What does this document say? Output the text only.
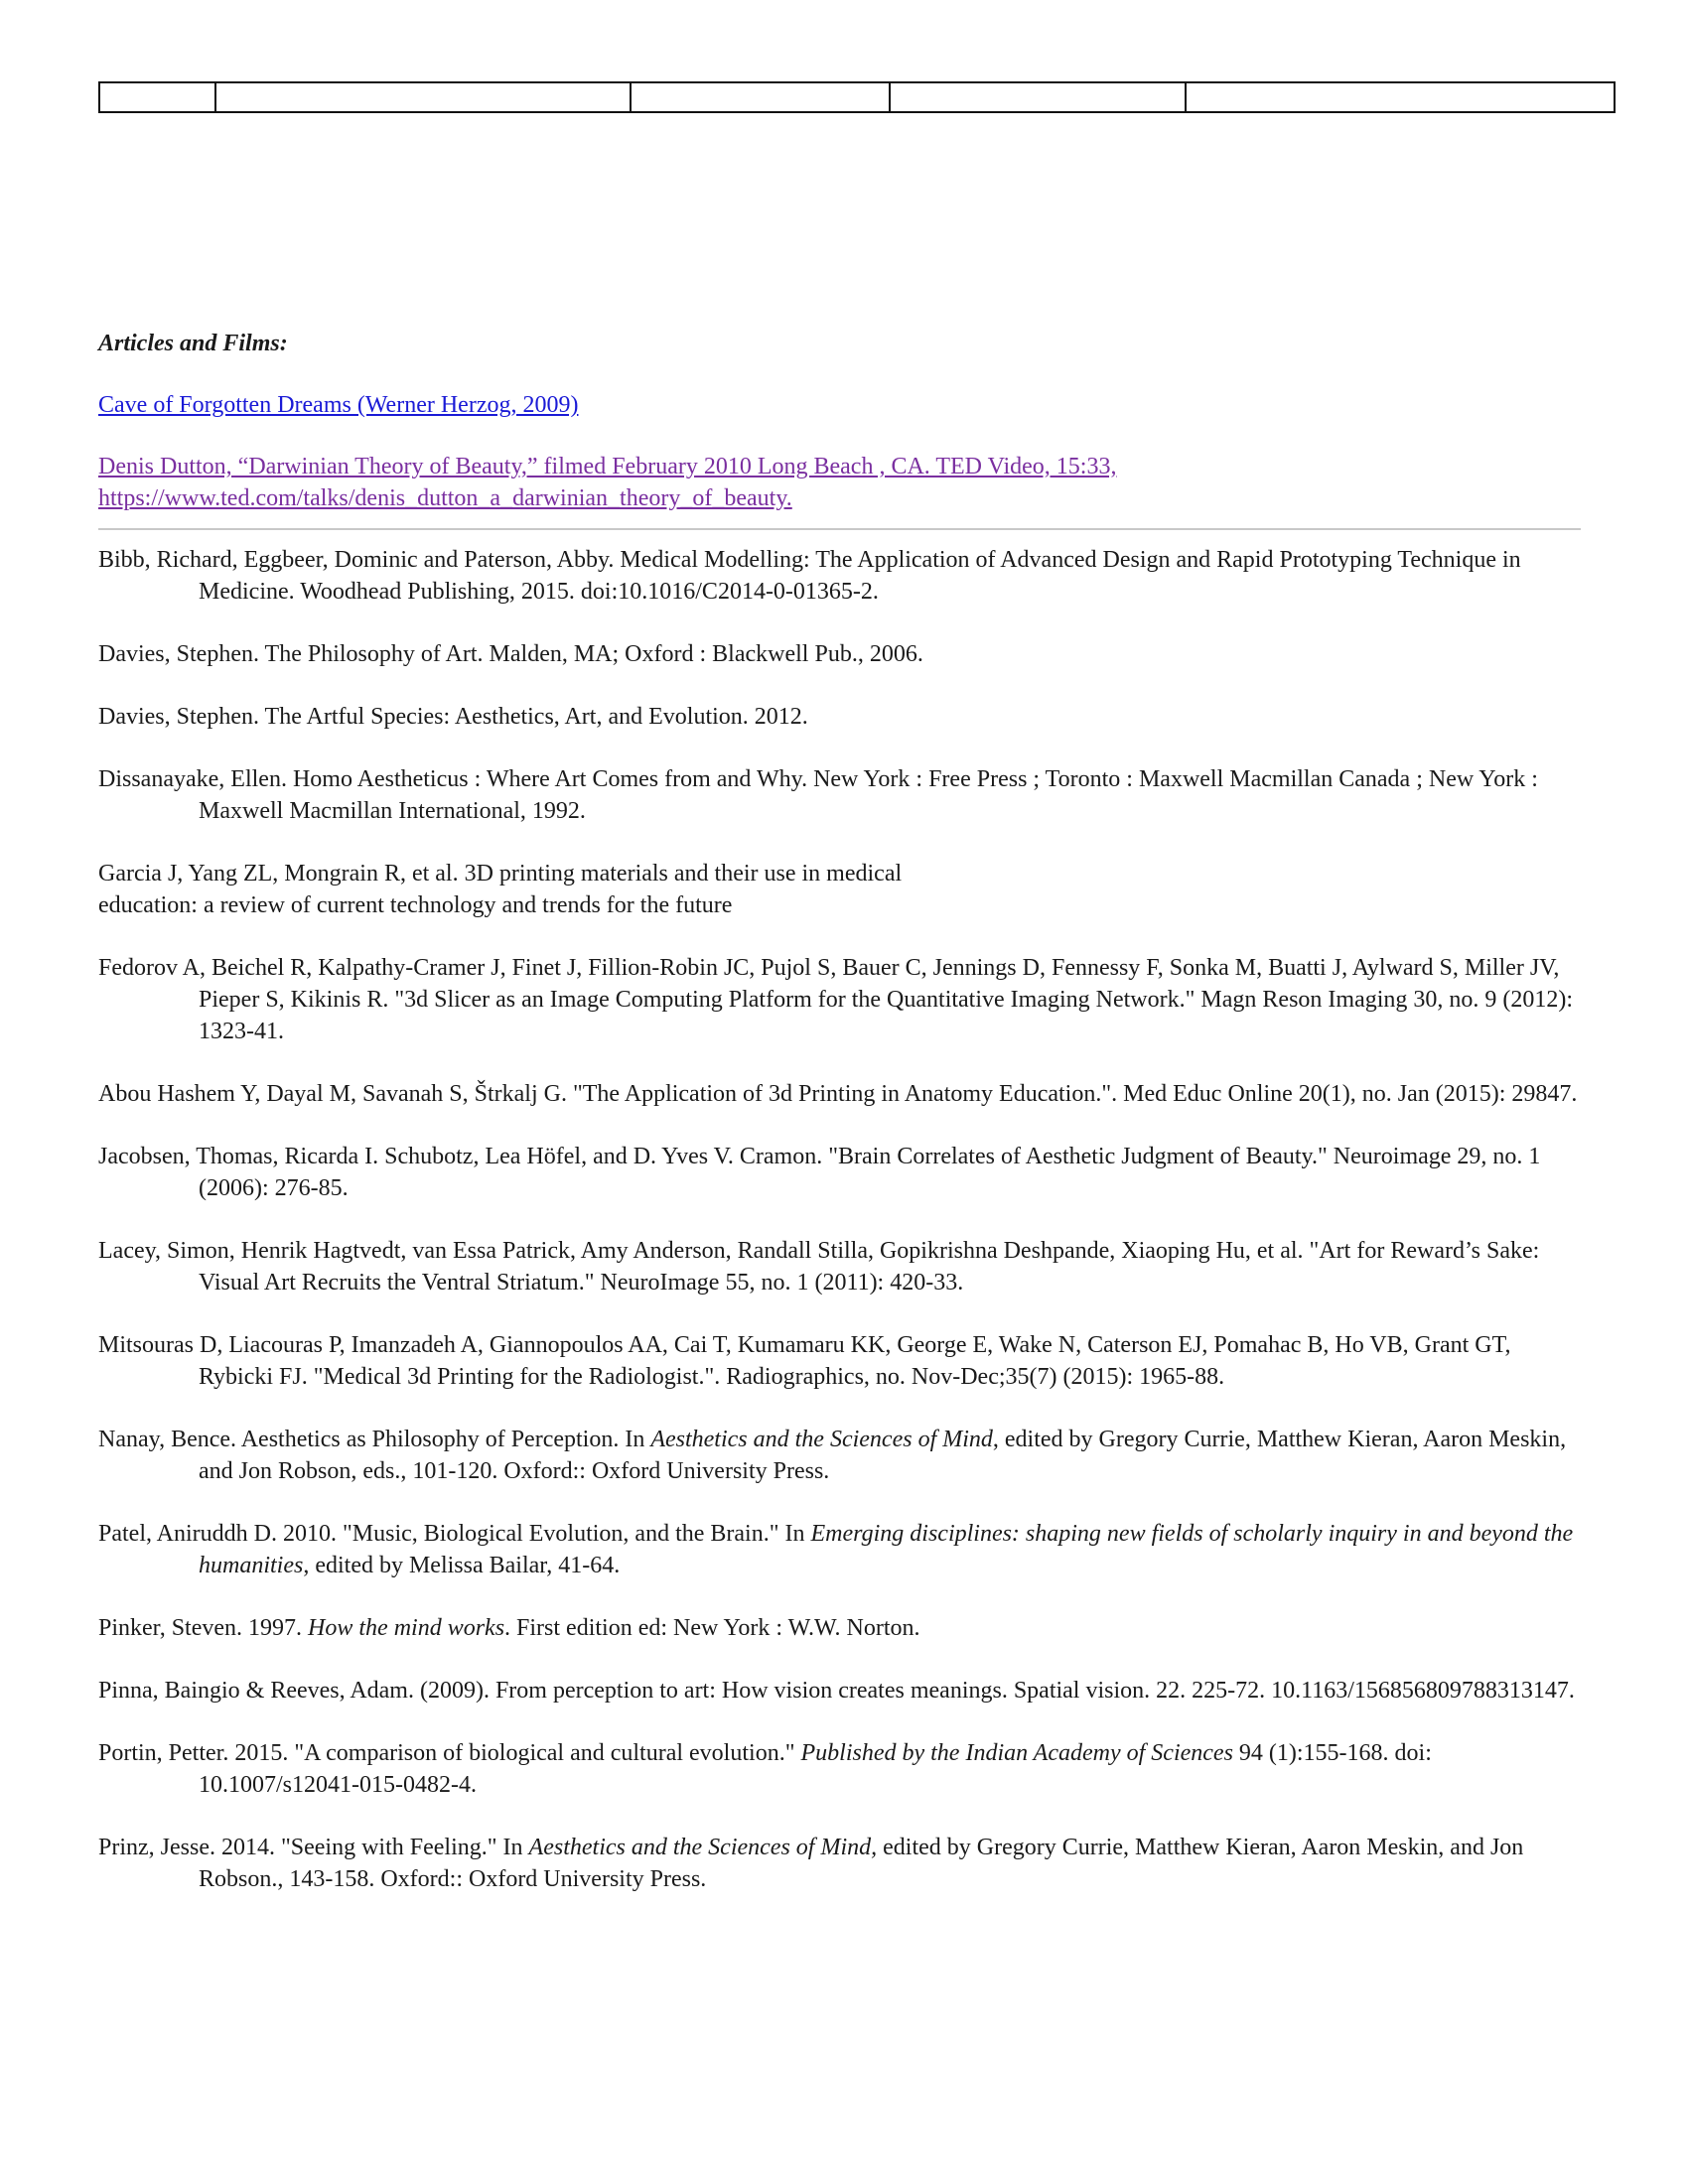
Articles and Films:
Cave of Forgotten Dreams (Werner Herzog, 2009)
Denis Dutton, “Darwinian Theory of Beauty,” filmed February 2010 Long Beach , CA. TED Video, 15:33,
https://www.ted.com/talks/denis_dutton_a_darwinian_theory_of_beauty.
Bibb, Richard, Eggbeer, Dominic and Paterson, Abby. Medical Modelling: The Application of Advanced Design and Rapid Prototyping Technique in Medicine. Woodhead Publishing, 2015. doi:10.1016/C2014-0-01365-2.
Davies, Stephen. The Philosophy of Art. Malden, MA; Oxford : Blackwell Pub., 2006.
Davies, Stephen. The Artful Species: Aesthetics, Art, and Evolution. 2012.
Dissanayake, Ellen. Homo Aestheticus : Where Art Comes from and Why. New York : Free Press ; Toronto : Maxwell Macmillan Canada ; New York : Maxwell Macmillan International, 1992.
Garcia J, Yang ZL, Mongrain R, et al. 3D printing materials and their use in medical
education: a review of current technology and trends for the future
Fedorov A, Beichel R, Kalpathy-Cramer J, Finet J, Fillion-Robin JC, Pujol S, Bauer C, Jennings D, Fennessy F, Sonka M, Buatti J, Aylward S, Miller JV, Pieper S, Kikinis R. "3d Slicer as an Image Computing Platform for the Quantitative Imaging Network." Magn Reson Imaging 30, no. 9 (2012): 1323-41.
Abou Hashem Y, Dayal M, Savanah S, Štrkalj G. "The Application of 3d Printing in Anatomy Education.". Med Educ Online 20(1), no. Jan (2015): 29847.
Jacobsen, Thomas, Ricarda I. Schubotz, Lea Höfel, and D. Yves V. Cramon. "Brain Correlates of Aesthetic Judgment of Beauty." Neuroimage 29, no. 1 (2006): 276-85.
Lacey, Simon, Henrik Hagtvedt, van Essa Patrick, Amy Anderson, Randall Stilla, Gopikrishna Deshpande, Xiaoping Hu, et al. "Art for Reward’s Sake: Visual Art Recruits the Ventral Striatum." NeuroImage 55, no. 1 (2011): 420-33.
Mitsouras D, Liacouras P, Imanzadeh A, Giannopoulos AA, Cai T, Kumamaru KK, George E, Wake N, Caterson EJ, Pomahac B, Ho VB, Grant GT, Rybicki FJ. "Medical 3d Printing for the Radiologist.". Radiographics, no. Nov-Dec;35(7) (2015): 1965-88.
Nanay, Bence. Aesthetics as Philosophy of Perception. In Aesthetics and the Sciences of Mind, edited by Gregory Currie, Matthew Kieran, Aaron Meskin, and Jon Robson, eds., 101-120. Oxford:: Oxford University Press.
Patel, Aniruddh D. 2010. "Music, Biological Evolution, and the Brain." In Emerging disciplines: shaping new fields of scholarly inquiry in and beyond the humanities, edited by Melissa Bailar, 41-64.
Pinker, Steven. 1997. How the mind works. First edition ed: New York : W.W. Norton.
Pinna, Baingio & Reeves, Adam. (2009). From perception to art: How vision creates meanings. Spatial vision. 22. 225-72. 10.1163/156856809788313147.
Portin, Petter. 2015. "A comparison of biological and cultural evolution." Published by the Indian Academy of Sciences 94 (1):155-168. doi: 10.1007/s12041-015-0482-4.
Prinz, Jesse. 2014. "Seeing with Feeling." In Aesthetics and the Sciences of Mind, edited by Gregory Currie, Matthew Kieran, Aaron Meskin, and Jon Robson., 143-158. Oxford:: Oxford University Press.
